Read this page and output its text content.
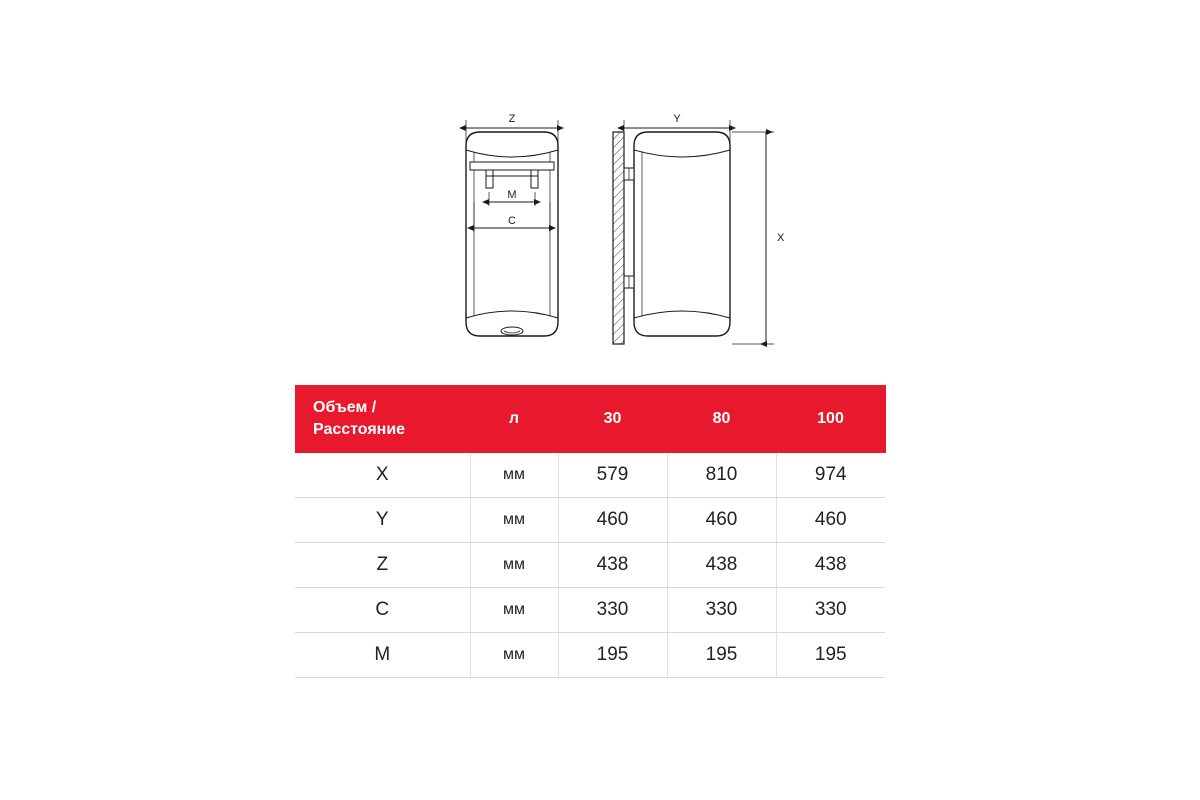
Z
M
C
Y
X
Объем /
Расстояние	л	30	80	100
X	мм	579	810	974
Y	мм	460	460	460
Z	мм	438	438	438
C	мм	330	330	330
M	мм	195	195	195
